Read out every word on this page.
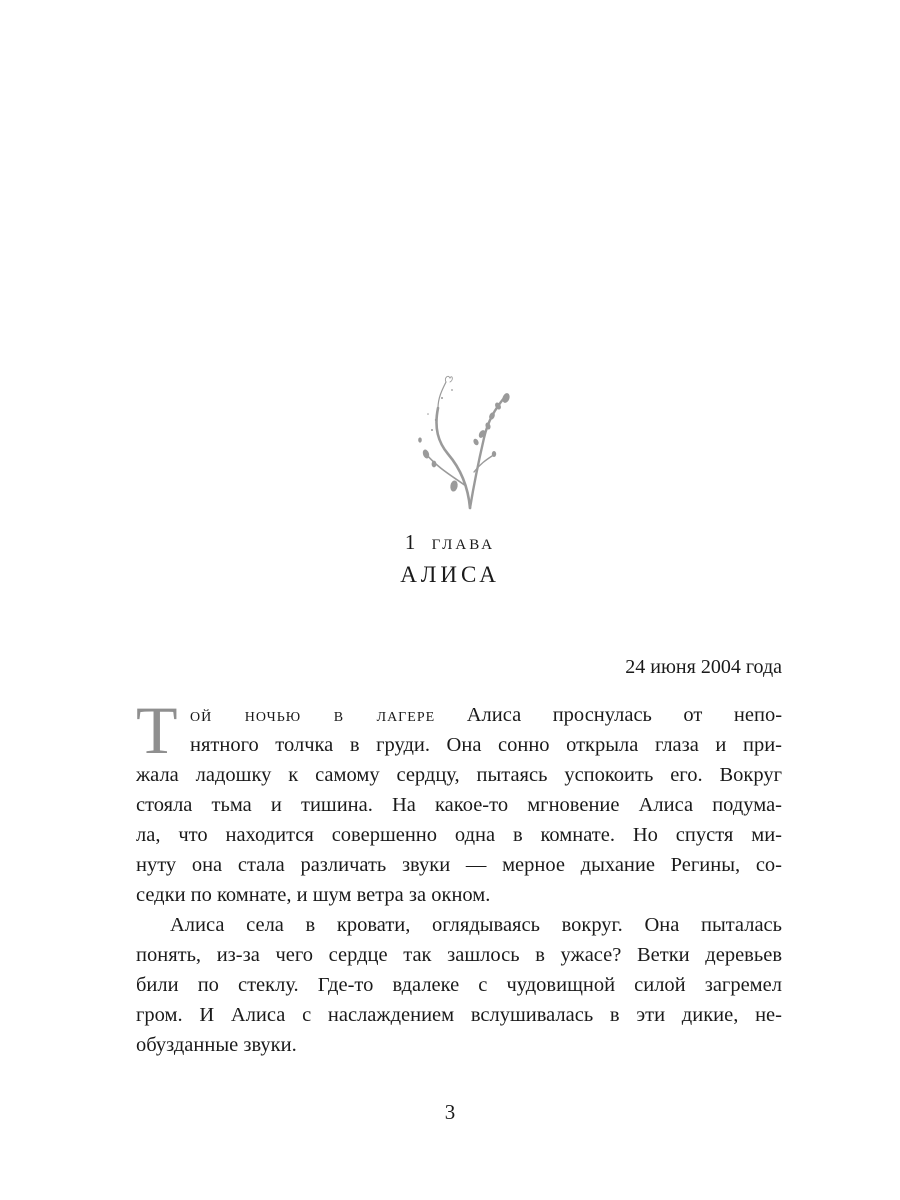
1 глава
АЛИСА
24 июня 2004 года
Т ой ночью в лагере Алиса проснулась от непо-
нятного толчка в груди. Она сонно открыла глаза и при-
жала ладошку к самому сердцу, пытаясь успокоить его. Вокруг
стояла тьма и тишина. На какое-то мгновение Алиса подума-
ла, что находится совершенно одна в комнате. Но спустя ми-
нуту она стала различать звуки — мерное дыхание Регины, со-
седки по комнате, и шум ветра за окном.
Алиса села в кровати, оглядываясь вокруг. Она пыталась
понять, из-за чего сердце так зашлось в ужасе? Ветки деревьев
били по стеклу. Где-то вдалеке с чудовищной силой загремел
гром. И Алиса с наслаждением вслушивалась в эти дикие, не-
обузданные звуки.
3
